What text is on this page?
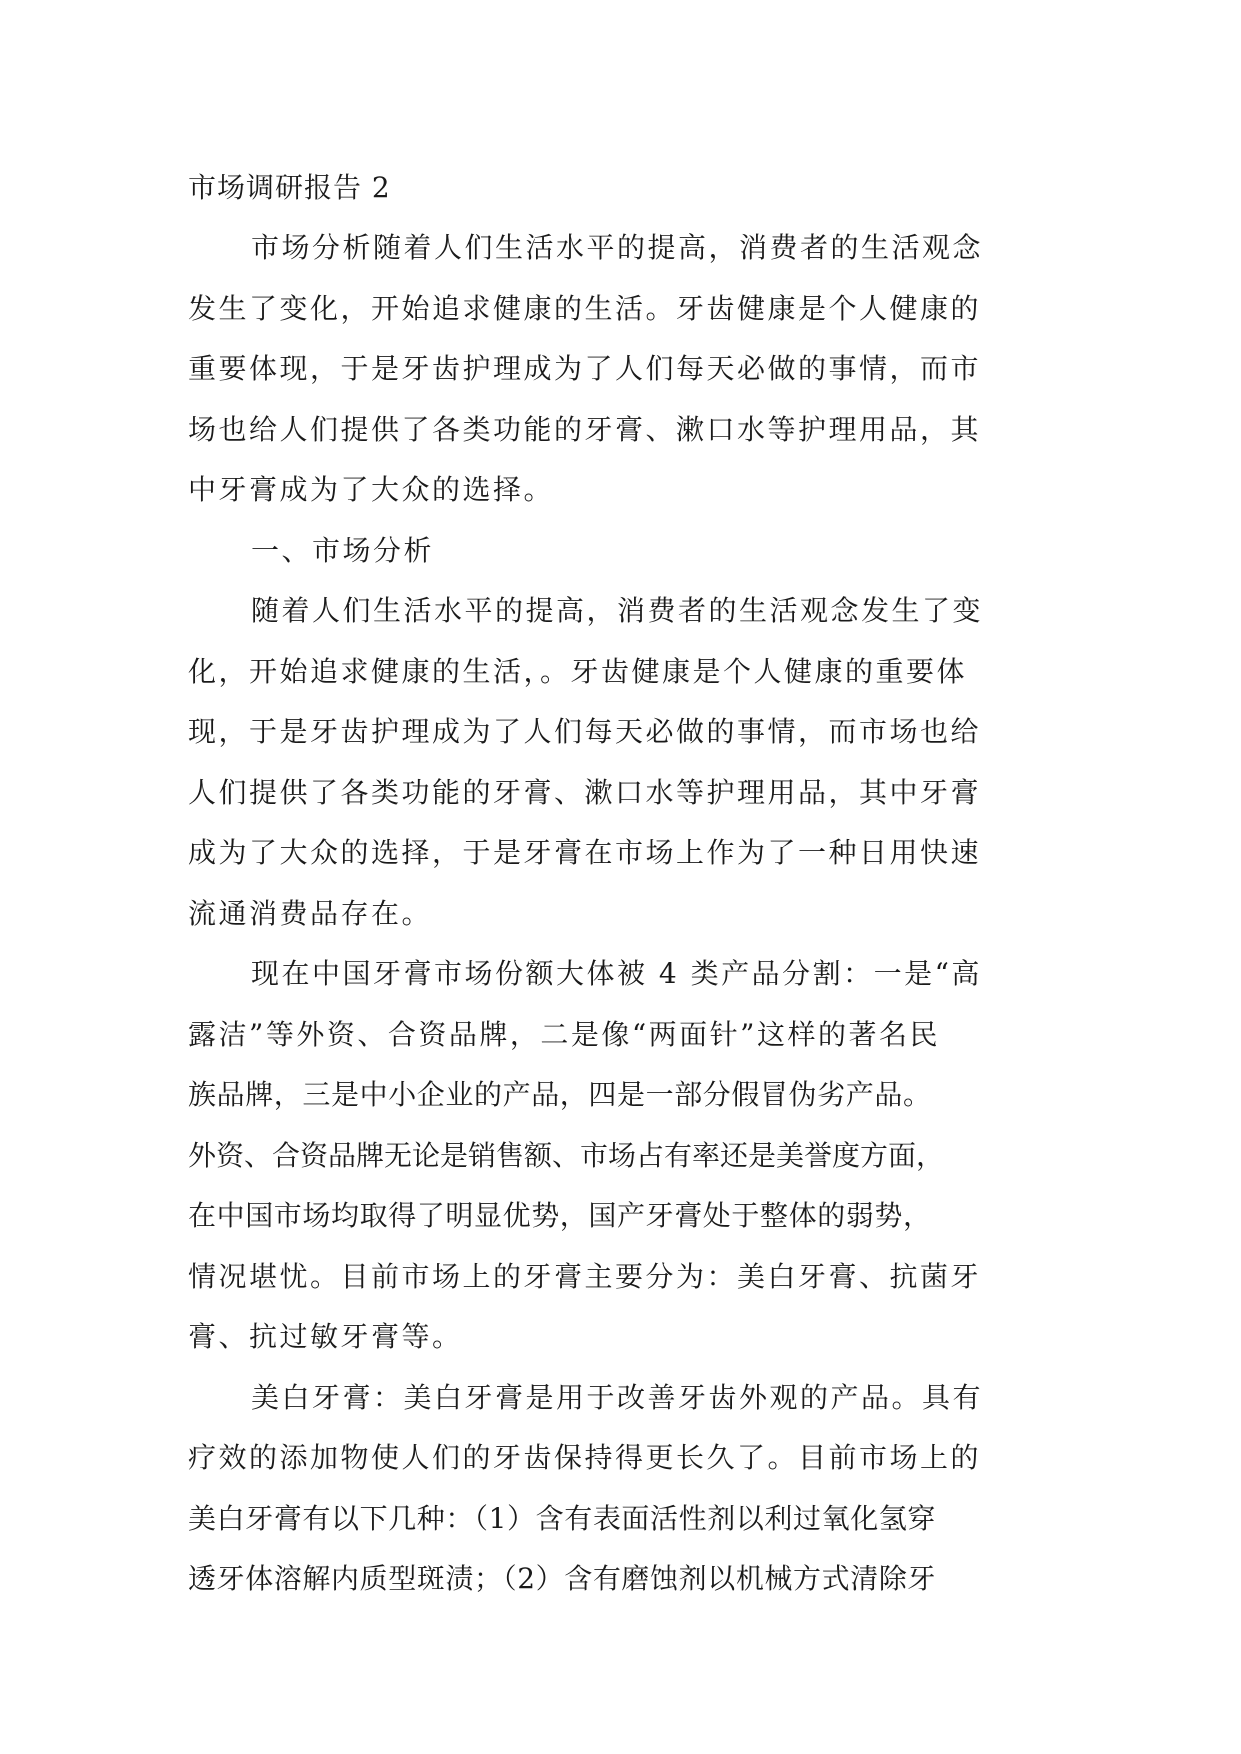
市场调研报告 2
市场分析随着人们生活水平的提高，消费者的生活观念
发生了变化，开始追求健康的生活。牙齿健康是个人健康的
重要体现，于是牙齿护理成为了人们每天必做的事情，而市
场也给人们提供了各类功能的牙膏、漱口水等护理用品，其
中牙膏成为了大众的选择。
一、市场分析
随着人们生活水平的提高，消费者的生活观念发生了变
化，开始追求健康的生活，。牙齿健康是个人健康的重要体
现，于是牙齿护理成为了人们每天必做的事情，而市场也给
人们提供了各类功能的牙膏、漱口水等护理用品，其中牙膏
成为了大众的选择，于是牙膏在市场上作为了一种日用快速
流通消费品存在。
现在中国牙膏市场份额大体被 4 类产品分割：一是“高
露洁”等外资、合资品牌，二是像“两面针”这样的著名民
族品牌，三是中小企业的产品，四是一部分假冒伪劣产品。
外资、合资品牌无论是销售额、市场占有率还是美誉度方面，
在中国市场均取得了明显优势，国产牙膏处于整体的弱势，
情况堪忧。目前市场上的牙膏主要分为：美白牙膏、抗菌牙
膏、抗过敏牙膏等。
美白牙膏：美白牙膏是用于改善牙齿外观的产品。具有
疗效的添加物使人们的牙齿保持得更长久了。目前市场上的
美白牙膏有以下几种：（1）含有表面活性剂以利过氧化氢穿
透牙体溶解内质型斑渍；（2）含有磨蚀剂以机械方式清除牙
